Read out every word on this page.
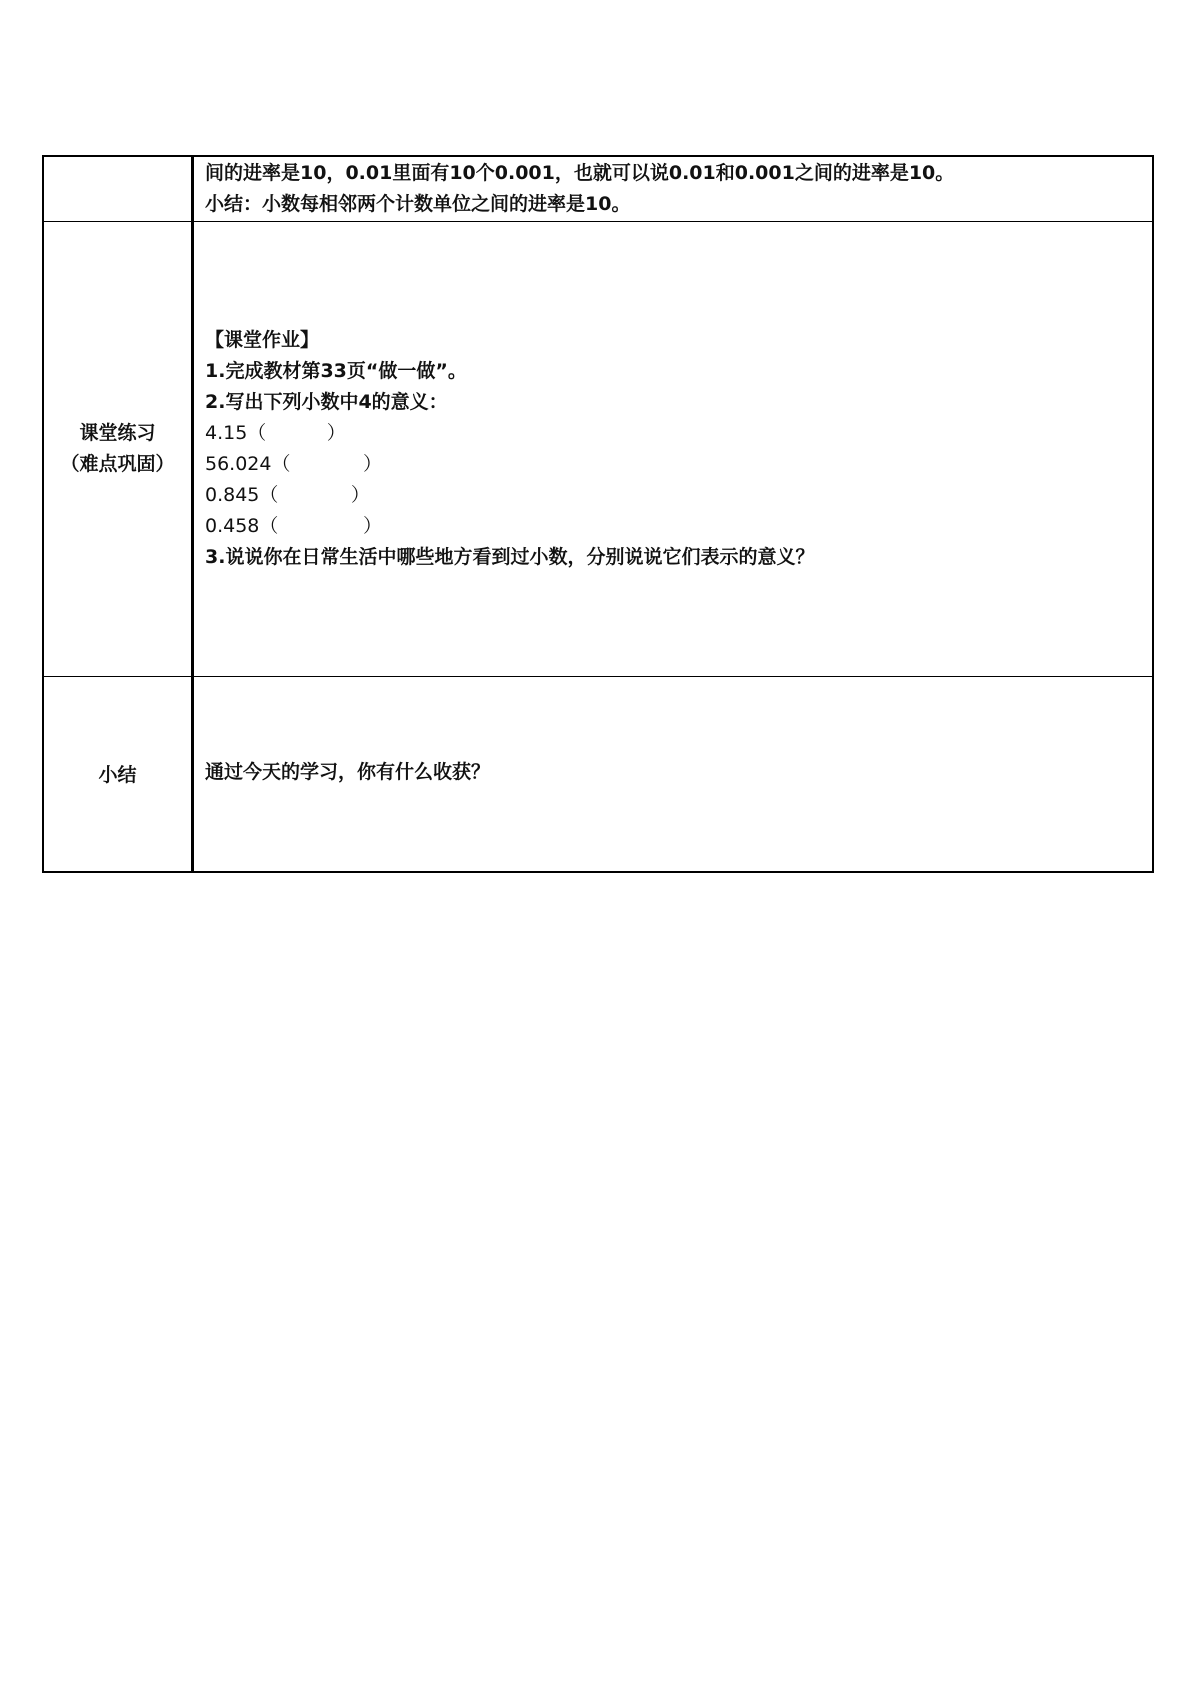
间的进率是10，0.01里面有10个0.001，也就可以说0.01和0.001之间的进率是10。
小结：小数每相邻两个计数单位之间的进率是10。
课堂练习
（难点巩固）
【课堂作业】
1.完成教材第33页“做一做”。
2.写出下列小数中4的意义：
4.15（          ）
56.024（            ）
0.845（            ）
0.458（              ）
3.说说你在日常生活中哪些地方看到过小数，分别说说它们表示的意义？
小结	通过今天的学习，你有什么收获？
